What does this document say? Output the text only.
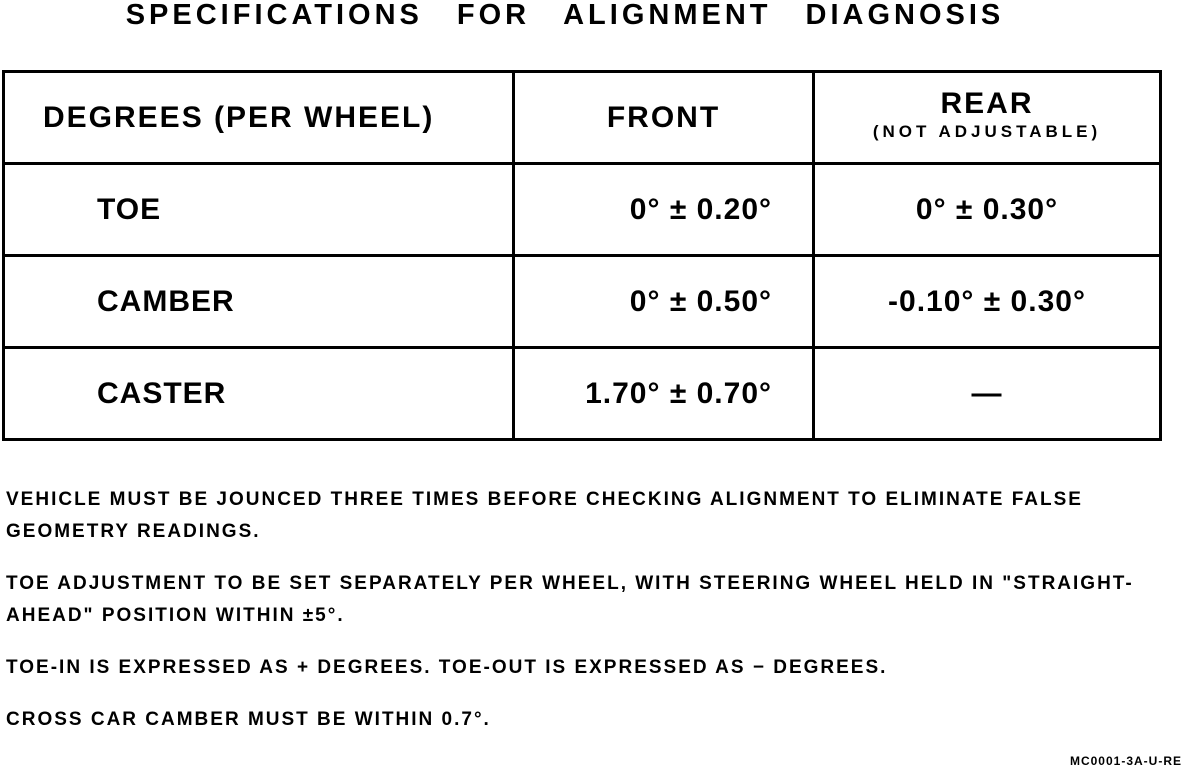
SPECIFICATIONS FOR ALIGNMENT DIAGNOSIS
DEGREES (PER WHEEL)	FRONT	REAR
(NOT ADJUSTABLE)

TOE	0° ± 0.20°	0° ± 0.30°
CAMBER	0° ± 0.50°	-0.10° ± 0.30°
CASTER	1.70° ± 0.70°	—

VEHICLE MUST BE JOUNCED THREE TIMES BEFORE CHECKING ALIGNMENT TO ELIMINATE FALSE GEOMETRY READINGS.

TOE ADJUSTMENT TO BE SET SEPARATELY PER WHEEL, WITH STEERING WHEEL HELD IN "STRAIGHT-AHEAD" POSITION WITHIN ±5°.

TOE-IN IS EXPRESSED AS + DEGREES. TOE-OUT IS EXPRESSED AS − DEGREES.

CROSS CAR CAMBER MUST BE WITHIN 0.7°.

MC0001-3A-U-RE
